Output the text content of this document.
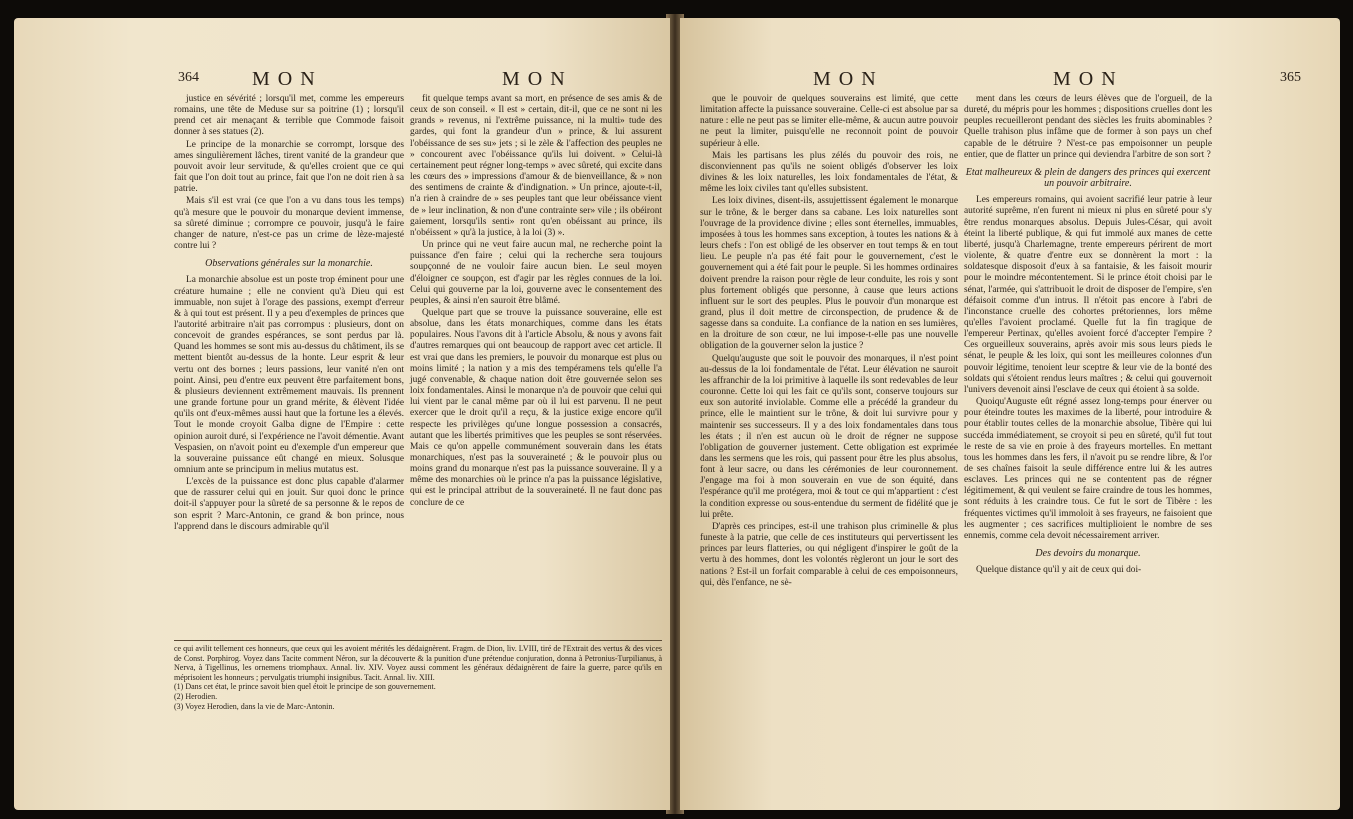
364	MON	MON

justice en sévérité ; lorsqu'il met, comme les empereurs romains, une tête de Meduse sur sa poitrine (1) ; lorsqu'il prend cet air menaçant & terrible que Commode faisoit donner à ses statues (2).

Le principe de la monarchie se corrompt, lorsque des ames singulièrement lâches, tirent vanité de la grandeur que pouvoit avoir leur servitude, & qu'elles croient que ce qui fait que l'on doit tout au prince, fait que l'on ne doit rien à sa patrie.

Mais s'il est vrai (ce que l'on a vu dans tous les temps) qu'à mesure que le pouvoir du monarque devient immense, sa sûreté diminue ; corrompre ce pouvoir, jusqu'à le faire changer de nature, n'est-ce pas un crime de lèze-majesté contre lui ?

Observations générales sur la monarchie.

La monarchie absolue est un poste trop éminent pour une créature humaine ; elle ne convient qu'à Dieu qui est immuable, non sujet à l'orage des passions, exempt d'erreur & à qui tout est présent. Il y a peu d'exemples de princes que l'autorité arbitraire n'ait pas corrompus : plusieurs, dont on concevoit de grandes espérances, se sont perdus par là. Quand les hommes se sont mis au-dessus du châtiment, ils se mettent bientôt au-dessus de la honte. Leur esprit & leur vertu ont des bornes ; leurs passions, leur vanité n'en ont point. Ainsi, peu d'entre eux peuvent être parfaitement bons, & plusieurs deviennent extrêmement mauvais. Ils prennent une grande fortune pour un grand mérite, & élèvent l'idée qu'ils ont d'eux-mêmes aussi haut que la fortune les a élevés. Tout le monde croyoit Galba digne de l'Empire : cette opinion auroit duré, si l'expérience ne l'avoit démentie. Avant Vespasien, on n'avoit point eu d'exemple d'un empereur que la souveraine puissance eût changé en mieux. Solusque omnium ante se principum in melius mutatus est.

L'excès de la puissance est donc plus capable d'alarmer que de rassurer celui qui en jouit. Sur quoi donc le prince doit-il s'appuyer pour la sûreté de sa personne & le repos de son esprit ? Marc-Antonin, ce grand & bon prince, nous l'apprend dans le discours admirable qu'il

fit quelque temps avant sa mort, en présence de ses amis & de ceux de son conseil. « Il est » certain, dit-il, que ce ne sont ni les grands » revenus, ni l'extrême puissance, ni la multi» tude des gardes, qui font la grandeur d'un » prince, & lui assurent l'obéissance de ses su» jets ; si le zèle & l'affection des peuples ne » concourent avec l'obéissance qu'ils lui doivent. » Celui-là certainement peut régner long-temps » avec sûreté, qui excite dans les cœurs des » impressions d'amour & de bienveillance, & » non des sentimens de crainte & d'indignation. » Un prince, ajoute-t-il, n'a rien à craindre de » ses peuples tant que leur obéissance vient de » leur inclination, & non d'une contrainte ser» vile ; ils obéiront gaiement, lorsqu'ils senti» ront qu'en obéissant au prince, ils n'obéissent » qu'à la justice, à la loi (3) ».

Un prince qui ne veut faire aucun mal, ne recherche point la puissance d'en faire ; celui qui la recherche sera toujours soupçonné de ne vouloir faire aucun bien. Le seul moyen d'éloigner ce soupçon, est d'agir par les règles connues de la loi. Celui qui gouverne par la loi, gouverne avec le consentement des peuples, & ainsi n'en sauroit être blâmé.

Quelque part que se trouve la puissance souveraine, elle est absolue, dans les états monarchiques, comme dans les états populaires. Nous l'avons dit à l'article Absolu, & nous y avons fait d'autres remarques qui ont beaucoup de rapport avec cet article. Il est vrai que dans les premiers, le pouvoir du monarque est plus ou moins limité ; la nation y a mis des tempéramens tels qu'elle l'a jugé convenable, & chaque nation doit être gouvernée selon ses loix fondamentales. Ainsi le monarque n'a de pouvoir que celui qui lui vient par le canal même par où il lui est parvenu. Il ne peut exercer que le droit qu'il a reçu, & la justice exige encore qu'il respecte les privilèges qu'une longue possession a consacrés, autant que les libertés primitives que les peuples se sont réservées. Mais ce qu'on appelle communément souverain dans les états monarchiques, n'est pas la souveraineté ; & le pouvoir plus ou moins grand du monarque n'est pas la puissance souveraine. Il y a même des monarchies où le prince n'a pas la puissance législative, qui est le principal attribut de la souveraineté. Il ne faut donc pas conclure de ce

ce qui avilit tellement ces honneurs, que ceux qui les avoient mérités les dédaignèrent. Fragm. de Dion, liv. LVIII, tiré de l'Extrait des vertus & des vices de Const. Porphirog. Voyez dans Tacite comment Néron, sur la découverte & la punition d'une prétendue conjuration, donna à Petronius-Turpilianus, à Nerva, à Tigellinus, les ornemens triomphaux. Annal. liv. XIV. Voyez aussi comment les généraux dédaignèrent de faire la guerre, parce qu'ils en méprisoient les honneurs ; pervulgatis triumphi insignibus. Tacit. Annal. liv. XIII.
(1) Dans cet état, le prince savoit bien quel étoit le principe de son gouvernement.
(2) Herodien.
(3) Voyez Herodien, dans la vie de Marc-Antonin.
MON	MON	365

que le pouvoir de quelques souverains est limité, que cette limitation affecte la puissance souveraine. Celle-ci est absolue par sa nature : elle ne peut pas se limiter elle-même, & aucun autre pouvoir ne peut la limiter, puisqu'elle ne reconnoit point de pouvoir supérieur à elle.

Mais les partisans les plus zélés du pouvoir des rois, ne disconviennent pas qu'ils ne soient obligés d'observer les loix divines & les loix naturelles, les loix fondamentales de l'état, & même les loix civiles tant qu'elles subsistent.

Les loix divines, disent-ils, assujettissent également le monarque sur le trône, & le berger dans sa cabane. Les loix naturelles sont l'ouvrage de la providence divine ; elles sont éternelles, immuables, imposées à tous les hommes sans exception, à toutes les nations & à leurs chefs : l'on est obligé de les observer en tout temps & en tout lieu. Le peuple n'a pas été fait pour le gouvernement, c'est le gouvernement qui a été fait pour le peuple. Si les hommes ordinaires doivent prendre la raison pour règle de leur conduite, les rois y sont plus fortement obligés que personne, à cause que leurs actions influent sur le sort des peuples. Plus le pouvoir d'un monarque est grand, plus il doit mettre de circonspection, de prudence & de sagesse dans sa conduite. La confiance de la nation en ses lumières, en la droiture de son cœur, ne lui impose-t-elle pas une nouvelle obligation de la gouverner selon la justice ?

Quelqu'auguste que soit le pouvoir des monarques, il n'est point au-dessus de la loi fondamentale de l'état. Leur élévation ne sauroit les affranchir de la loi primitive à laquelle ils sont redevables de leur couronne. Cette loi qui les fait ce qu'ils sont, conserve toujours sur eux son autorité inviolable. Comme elle a précédé la grandeur du prince, elle le maintient sur le trône, & doit lui survivre pour y maintenir ses successeurs. Il y a des loix fondamentales dans tous les états ; il n'en est aucun où le droit de régner ne suppose l'obligation de gouverner justement. Cette obligation est exprimée dans les sermens que les rois, qui passent pour être les plus absolus, font à leur sacre, ou dans les cérémonies de leur couronnement. J'engage ma foi à mon souverain en vue de son équité, dans l'espérance qu'il me protégera, moi & tout ce qui m'appartient : c'est la condition expresse ou sous-entendue du serment de fidélité que je lui prête.

D'après ces principes, est-il une trahison plus criminelle & plus funeste à la patrie, que celle de ces instituteurs qui pervertissent les princes par leurs flatteries, ou qui négligent d'inspirer le goût de la vertu à des hommes, dont les volontés règleront un jour le sort des nations ? Est-il un forfait comparable à celui de ces empoisonneurs, qui, dès l'enfance, ne sè-

ment dans les cœurs de leurs élèves que de l'orgueil, de la dureté, du mépris pour les hommes ; dispositions cruelles dont les peuples recueilleront pendant des siècles les fruits abominables ? Quelle trahison plus infâme que de former à son pays un chef capable de le détruire ? N'est-ce pas empoisonner un peuple entier, que de flatter un prince qui deviendra l'arbitre de son sort ?

Etat malheureux & plein de dangers des princes qui exercent un pouvoir arbitraire.

Les empereurs romains, qui avoient sacrifié leur patrie à leur autorité suprême, n'en furent ni mieux ni plus en sûreté pour s'y être rendus monarques absolus. Depuis Jules-César, qui avoit éteint la liberté publique, & qui fut immolé aux manes de cette liberté, jusqu'à Charlemagne, trente empereurs périrent de mort violente, & quatre d'entre eux se donnèrent la mort : la soldatesque disposoit d'eux à sa fantaisie, & les faisoit mourir pour le moindre mécontentement. Si le prince étoit choisi par le sénat, l'armée, qui s'attribuoit le droit de disposer de l'empire, s'en défaisoit comme d'un intrus. Il n'étoit pas encore à l'abri de l'inconstance cruelle des cohortes prétoriennes, lors même qu'elles l'avoient proclamé. Quelle fut la fin tragique de l'empereur Pertinax, qu'elles avoient forcé d'accepter l'empire ? Ces orgueilleux souverains, après avoir mis sous leurs pieds le sénat, le peuple & les loix, qui sont les meilleures colonnes d'un pouvoir légitime, tenoient leur sceptre & leur vie de la bonté des soldats qui s'étoient rendus leurs maîtres ; & celui qui gouvernoit l'univers devenoit ainsi l'esclave de ceux qui étoient à sa solde.

Quoiqu'Auguste eût régné assez long-temps pour énerver ou pour éteindre toutes les maximes de la liberté, pour introduire & pour établir toutes celles de la monarchie absolue, Tibère qui lui succéda immédiatement, se croyoit si peu en sûreté, qu'il fut tout le reste de sa vie en proie à des frayeurs mortelles. En mettant tous les hommes dans les fers, il n'avoit pu se rendre libre, & l'or de ses chaînes faisoit la seule différence entre lui & les autres esclaves. Les princes qui ne se contentent pas de régner légitimement, & qui veulent se faire craindre de tous les hommes, sont réduits à les craindre tous. Ce fut le sort de Tibère : les fréquentes victimes qu'il immoloit à ses frayeurs, ne faisoient que les augmenter ; ces sacrifices multiplioient le nombre de ses ennemis, comme cela devoit nécessairement arriver.

Des devoirs du monarque.

Quelque distance qu'il y ait de ceux qui doi-
